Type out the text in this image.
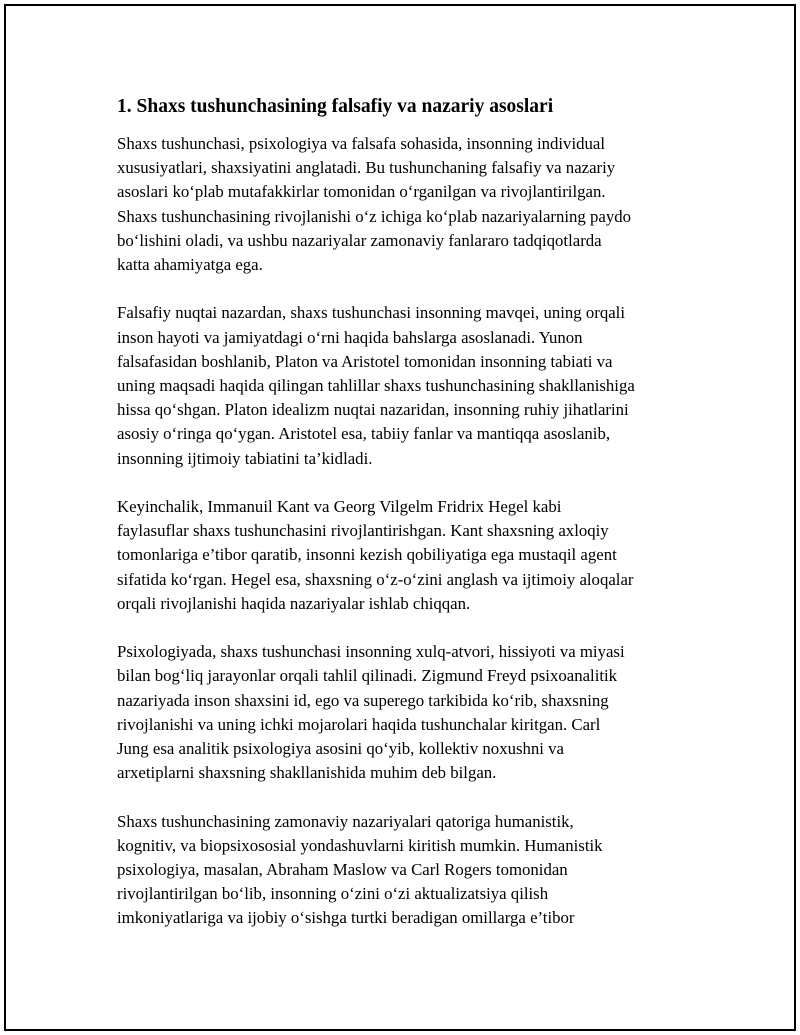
1. Shaxs tushunchasining falsafiy va nazariy asoslari

Shaxs tushunchasi, psixologiya va falsafa sohasida, insonning individual
xususiyatlari, shaxsiyatini anglatadi. Bu tushunchaning falsafiy va nazariy
asoslari koʻplab mutafakkirlar tomonidan oʻrganilgan va rivojlantirilgan.
Shaxs tushunchasining rivojlanishi oʻz ichiga koʻplab nazariyalarning paydo
boʻlishini oladi, va ushbu nazariyalar zamonaviy fanlararo tadqiqotlarda
katta ahamiyatga ega.

Falsafiy nuqtai nazardan, shaxs tushunchasi insonning mavqei, uning orqali
inson hayoti va jamiyatdagi oʻrni haqida bahslarga asoslanadi. Yunon
falsafasidan boshlanib, Platon va Aristotel tomonidan insonning tabiati va
uning maqsadi haqida qilingan tahlillar shaxs tushunchasining shakllanishiga
hissa qoʻshgan. Platon idealizm nuqtai nazaridan, insonning ruhiy jihatlarini
asosiy oʻringa qoʻygan. Aristotel esa, tabiiy fanlar va mantiqqa asoslanib,
insonning ijtimoiy tabiatini ta’kidladi.

Keyinchalik, Immanuil Kant va Georg Vilgelm Fridrix Hegel kabi
faylasuflar shaxs tushunchasini rivojlantirishgan. Kant shaxsning axloqiy
tomonlariga e’tibor qaratib, insonni kezish qobiliyatiga ega mustaqil agent
sifatida koʻrgan. Hegel esa, shaxsning oʻz-oʻzini anglash va ijtimoiy aloqalar
orqali rivojlanishi haqida nazariyalar ishlab chiqqan.

Psixologiyada, shaxs tushunchasi insonning xulq-atvori, hissiyoti va miyasi
bilan bogʻliq jarayonlar orqali tahlil qilinadi. Zigmund Freyd psixoanalitik
nazariyada inson shaxsini id, ego va superego tarkibida koʻrib, shaxsning
rivojlanishi va uning ichki mojarolari haqida tushunchalar kiritgan. Carl
Jung esa analitik psixologiya asosini qoʻyib, kollektiv noxushni va
arxetiplarni shaxsning shakllanishida muhim deb bilgan.

Shaxs tushunchasining zamonaviy nazariyalari qatoriga humanistik,
kognitiv, va biopsixososial yondashuvlarni kiritish mumkin. Humanistik
psixologiya, masalan, Abraham Maslow va Carl Rogers tomonidan
rivojlantirilgan boʻlib, insonning oʻzini oʻzi aktualizatsiya qilish
imkoniyatlariga va ijobiy oʻsishga turtki beradigan omillarga e’tibor
